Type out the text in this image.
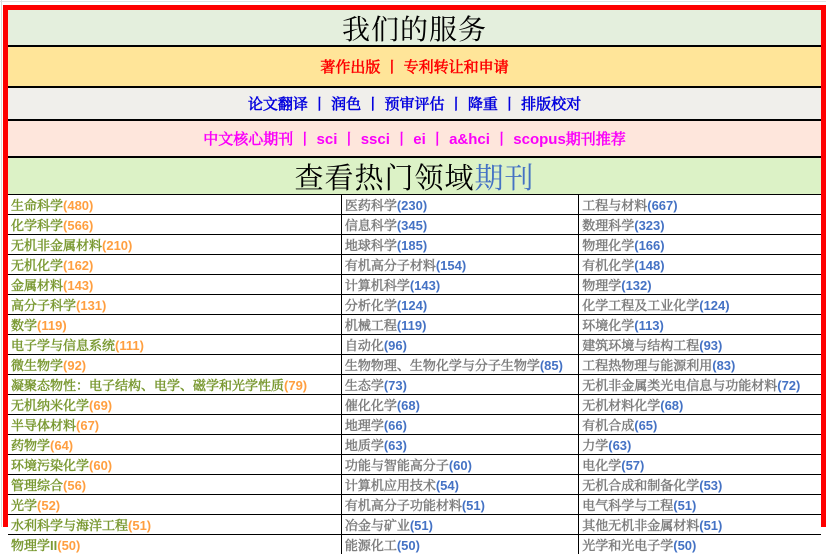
我们的服务
著作出版 丨 专利转让和申请
论文翻译 丨 润色 丨 预审评估 丨 降重 丨 排版校对
中文核心期刊 丨 sci 丨 ssci 丨 ei 丨 a&hci 丨 scopus期刊推荐
查看热门领域 期刊
生命科学(480)	医药科学(230)	工程与材料(667)
化学科学(566)	信息科学(345)	数理科学(323)
无机非金属材料(210)	地球科学(185)	物理化学(166)
无机化学(162)	有机高分子材料(154)	有机化学(148)
金属材料(143)	计算机科学(143)	物理学(132)
高分子科学(131)	分析化学(124)	化学工程及工业化学(124)
数学(119)	机械工程(119)	环境化学(113)
电子学与信息系统(111)	自动化(96)	建筑环境与结构工程(93)
微生物学(92)	生物物理、生物化学与分子生物学(85)	工程热物理与能源利用(83)
凝聚态物性：电子结构、电学、磁学和光学性质(79)	生态学(73)	无机非金属类光电信息与功能材料(72)
无机纳米化学(69)	催化化学(68)	无机材料化学(68)
半导体材料(67)	地理学(66)	有机合成(65)
药物学(64)	地质学(63)	力学(63)
环境污染化学(60)	功能与智能高分子(60)	电化学(57)
管理综合(56)	计算机应用技术(54)	无机合成和制备化学(53)
光学(52)	有机高分子功能材料(51)	电气科学与工程(51)
水利科学与海洋工程(51)	冶金与矿业(51)	其他无机非金属材料(51)
物理学II(50)	能源化工(50)	光学和光电子学(50)
